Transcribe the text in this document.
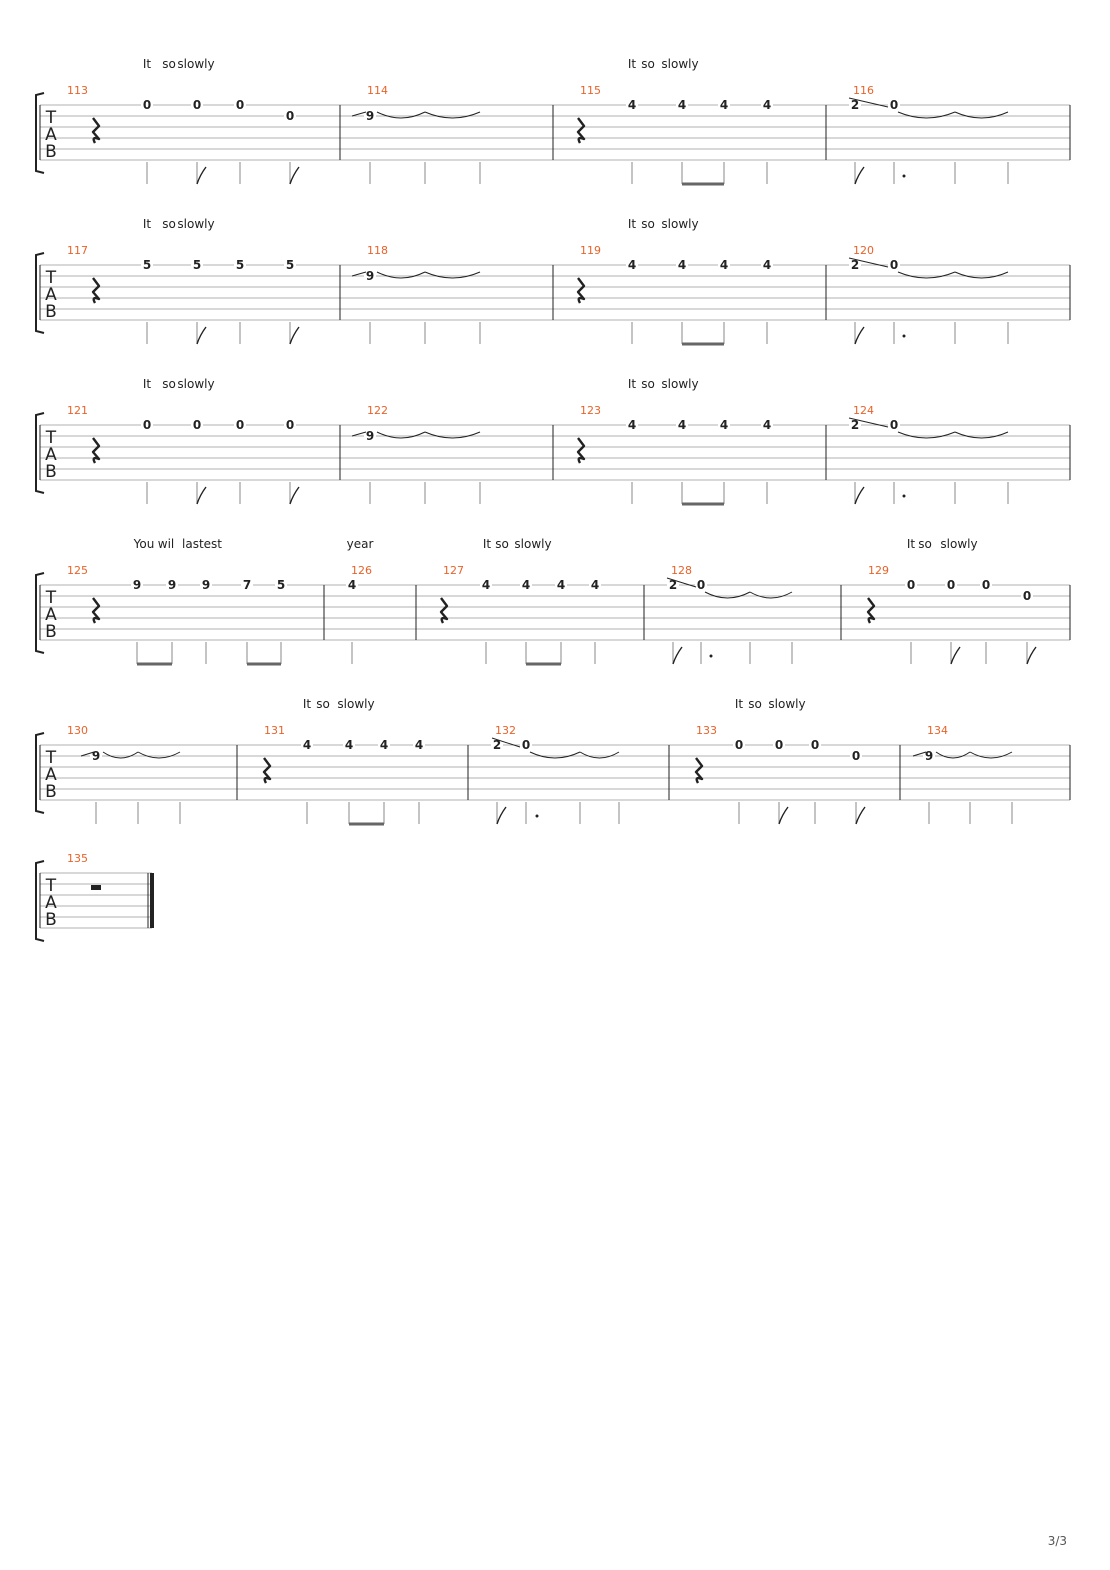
T
A
B
113
0	0	0
0
114
9
115
4	4	4	4
116
2	0
It so slowly	It so slowly
T
A
B
117
5	5	5	5
118
9
119
4	4	4	4
120
2	0
It so slowly	It so slowly
T
A
B
121
0	0	0	0
122
9
123
4	4	4	4
124
2	0
It so slowly	It so slowly
T
A
B
125
9 9 9	7 5
126
4
127
4	4 4 4
128
2 0
129
0	0 0
0
You wil lastest	year	It so slowly	It so slowly
T
A
B
130
9
131
4	4 4 4
132
2 0
133
0	0 0
0
134
9
It so slowly	It so slowly
T
A
B
135
3/3
